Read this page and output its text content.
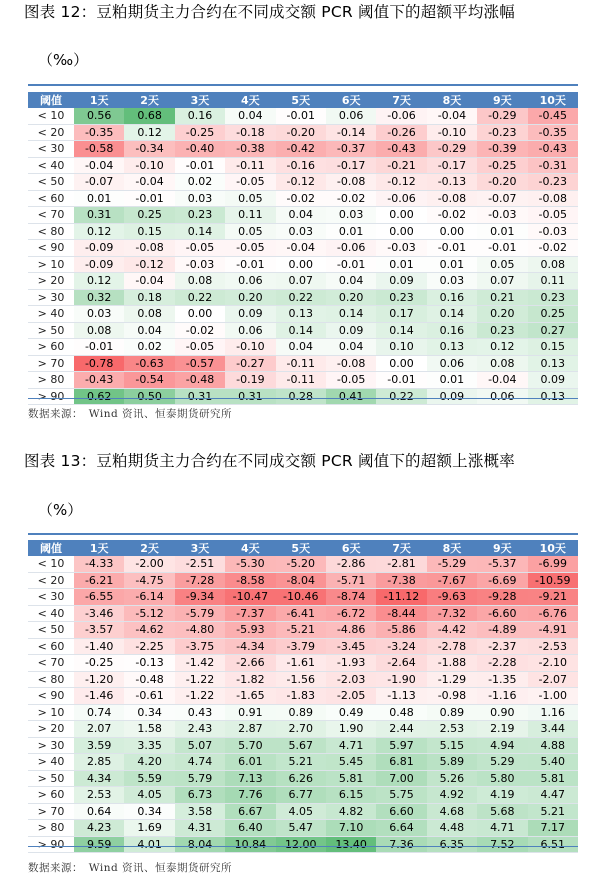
图表 12：豆粕期货主力合约在不同成交额 PCR 阈值下的超额平均涨幅
（‰）
阈值	1天	2天	3天	4天	5天	6天	7天	8天	9天	10天
< 10	0.56	0.68	0.16	0.04	-0.01	0.06	-0.06	-0.04	-0.29	-0.45
< 20	-0.35	0.12	-0.25	-0.18	-0.20	-0.14	-0.26	-0.10	-0.23	-0.35
< 30	-0.58	-0.34	-0.40	-0.38	-0.42	-0.37	-0.43	-0.29	-0.39	-0.43
< 40	-0.04	-0.10	-0.01	-0.11	-0.16	-0.17	-0.21	-0.17	-0.25	-0.31
< 50	-0.07	-0.04	0.02	-0.05	-0.12	-0.08	-0.12	-0.13	-0.20	-0.23
< 60	0.01	-0.01	0.03	0.05	-0.02	-0.02	-0.06	-0.08	-0.07	-0.08
< 70	0.31	0.25	0.23	0.11	0.04	0.03	0.00	-0.02	-0.03	-0.05
< 80	0.12	0.15	0.14	0.05	0.03	0.01	0.00	0.00	0.01	-0.03
< 90	-0.09	-0.08	-0.05	-0.05	-0.04	-0.06	-0.03	-0.01	-0.01	-0.02
> 10	-0.09	-0.12	-0.03	-0.01	0.00	-0.01	0.01	0.01	0.05	0.08
> 20	0.12	-0.04	0.08	0.06	0.07	0.04	0.09	0.03	0.07	0.11
> 30	0.32	0.18	0.22	0.20	0.22	0.20	0.23	0.16	0.21	0.23
> 40	0.03	0.08	0.00	0.09	0.13	0.14	0.17	0.14	0.20	0.25
> 50	0.08	0.04	-0.02	0.06	0.14	0.09	0.14	0.16	0.23	0.27
> 60	-0.01	0.02	-0.05	-0.10	0.04	0.04	0.10	0.13	0.12	0.15
> 70	-0.78	-0.63	-0.57	-0.27	-0.11	-0.08	0.00	0.06	0.08	0.13
> 80	-0.43	-0.54	-0.48	-0.19	-0.11	-0.05	-0.01	0.01	-0.04	0.09
> 90	0.62	0.50	0.31	0.31	0.28	0.41	0.22	0.09	0.06	0.13
数据来源：　Wind 资讯、恒泰期货研究所
图表 13：豆粕期货主力合约在不同成交额 PCR 阈值下的超额上涨概率
（%）
阈值	1天	2天	3天	4天	5天	6天	7天	8天	9天	10天
< 10	-4.33	-2.00	-2.51	-5.30	-5.20	-2.86	-2.81	-5.29	-5.37	-6.99
< 20	-6.21	-4.75	-7.28	-8.58	-8.04	-5.71	-7.38	-7.67	-6.69	-10.59
< 30	-6.55	-6.14	-9.34	-10.47	-10.46	-8.74	-11.12	-9.63	-9.28	-9.21
< 40	-3.46	-5.12	-5.79	-7.37	-6.41	-6.72	-8.44	-7.32	-6.60	-6.76
< 50	-3.57	-4.62	-4.80	-5.93	-5.21	-4.86	-5.86	-4.42	-4.89	-4.91
< 60	-1.40	-2.25	-3.75	-4.34	-3.79	-3.45	-3.24	-2.78	-2.37	-2.53
< 70	-0.25	-0.13	-1.42	-2.66	-1.61	-1.93	-2.64	-1.88	-2.28	-2.10
< 80	-1.20	-0.48	-1.22	-1.82	-1.56	-2.03	-1.90	-1.29	-1.35	-2.07
< 90	-1.46	-0.61	-1.22	-1.65	-1.83	-2.05	-1.13	-0.98	-1.16	-1.00
> 10	0.74	0.34	0.43	0.91	0.89	0.49	0.48	0.89	0.90	1.16
> 20	2.07	1.58	2.43	2.87	2.70	1.90	2.44	2.53	2.19	3.44
> 30	3.59	3.35	5.07	5.70	5.67	4.71	5.97	5.15	4.94	4.88
> 40	2.85	4.20	4.74	6.01	5.21	5.45	6.81	5.89	5.29	5.40
> 50	4.34	5.59	5.79	7.13	6.26	5.81	7.00	5.26	5.80	5.81
> 60	2.53	4.05	6.73	7.76	6.77	6.15	5.75	4.92	4.19	4.47
> 70	0.64	0.34	3.58	6.67	4.05	4.82	6.60	4.68	5.68	5.21
> 80	4.23	1.69	4.31	6.40	5.47	7.10	6.64	4.48	4.71	7.17
> 90	9.59	4.01	8.04	10.84	12.00	13.40	7.36	6.35	7.52	6.51
数据来源：　Wind 资讯、恒泰期货研究所
